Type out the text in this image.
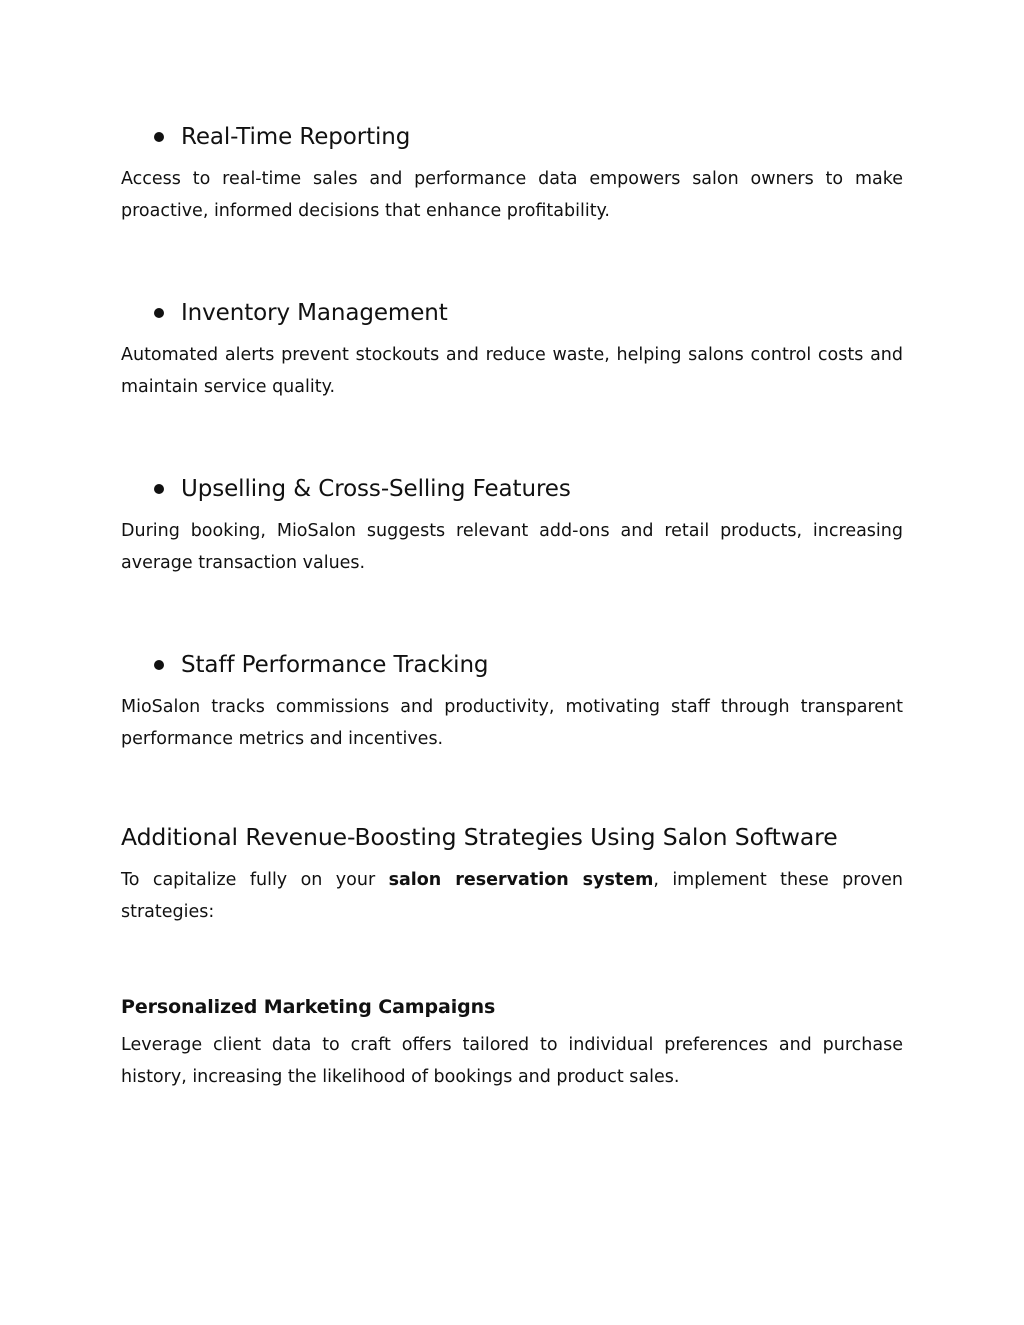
Real-Time Reporting

Access to real-time sales and performance data empowers salon owners to make proactive, informed decisions that enhance profitability.

Inventory Management

Automated alerts prevent stockouts and reduce waste, helping salons control costs and maintain service quality.

Upselling & Cross-Selling Features

During booking, MioSalon suggests relevant add-ons and retail products, increasing average transaction values.

Staff Performance Tracking

MioSalon tracks commissions and productivity, motivating staff through transparent performance metrics and incentives.

Additional Revenue-Boosting Strategies Using Salon Software

To capitalize fully on your salon reservation system, implement these proven strategies:

Personalized Marketing Campaigns

Leverage client data to craft offers tailored to individual preferences and purchase history, increasing the likelihood of bookings and product sales.
